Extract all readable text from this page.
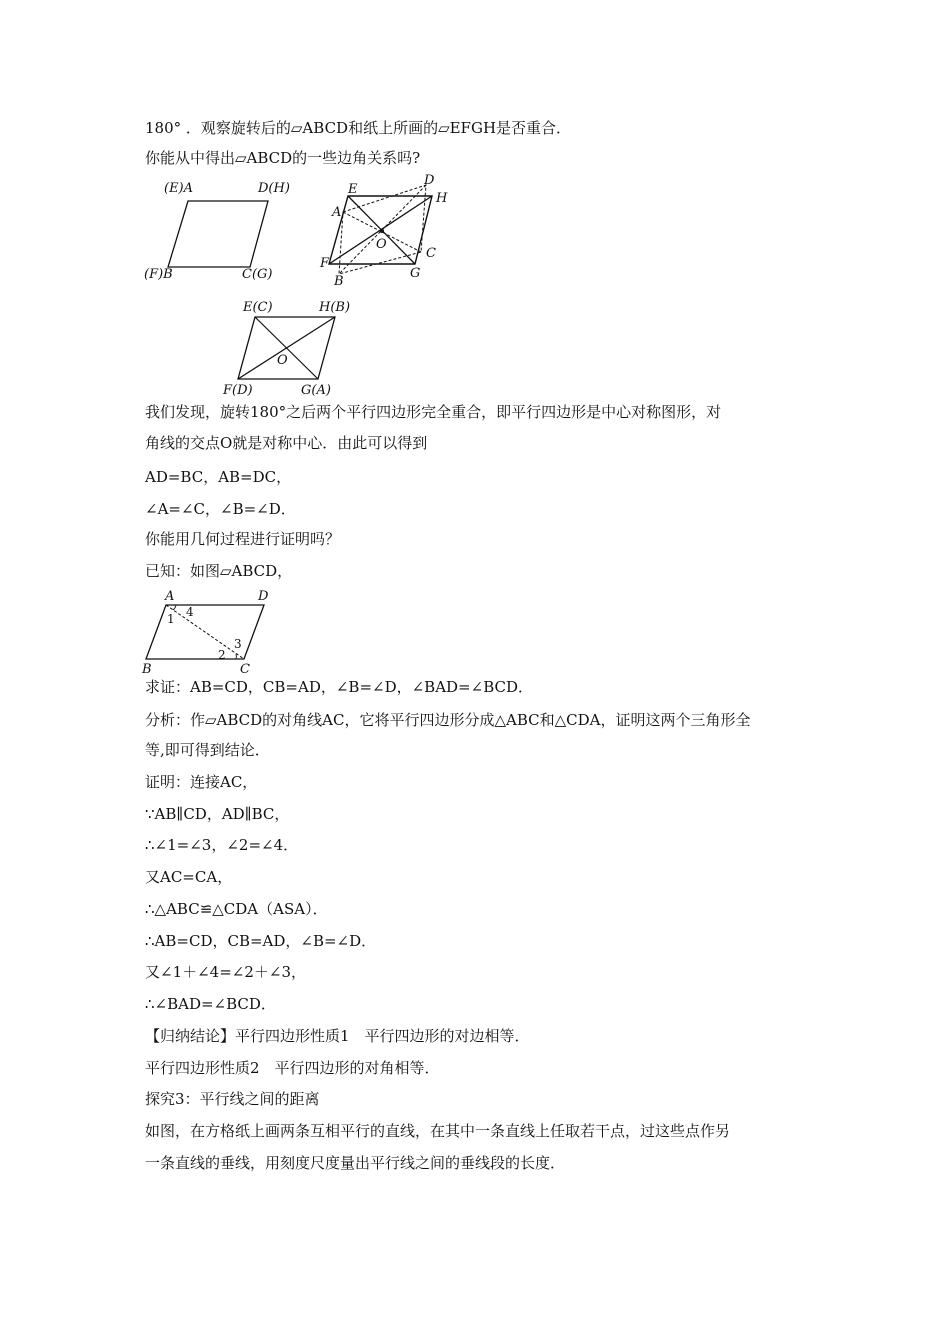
180° ．观察旋转后的▱ABCD和纸上所画的▱EFGH是否重合．
你能从中得出▱ABCD的一些边角关系吗?
(E)A	D(H)
(F)B	C(G)
E
D
H
A
O
C
F
B
G
E(C)	H(B)
O
F(D)	G(A)
我们发现，旋转180°之后两个平行四边形完全重合，即平行四边形是中心对称图形，对
角线的交点O就是对称中心．由此可以得到
AD=BC，AB=DC，
∠A=∠C，∠B=∠D．
你能用几何过程进行证明吗？
已知：如图▱ABCD，
A	D
B	C
1 4
2
3
求证：AB=CD，CB=AD，∠B=∠D，∠BAD=∠BCD．
分析：作▱ABCD的对角线AC，它将平行四边形分成△ABC和△CDA，证明这两个三角形全
等,即可得到结论．
证明：连接AC，
∵AB∥CD，AD∥BC，
∴∠1=∠3，∠2=∠4．
又AC=CA，
∴△ABC≌△CDA（ASA）．
∴AB=CD，CB=AD，∠B=∠D．
又∠1＋∠4=∠2＋∠3，
∴∠BAD=∠BCD．
【归纳结论】平行四边形性质1　平行四边形的对边相等．
平行四边形性质2　平行四边形的对角相等．
探究3：平行线之间的距离
如图，在方格纸上画两条互相平行的直线，在其中一条直线上任取若干点，过这些点作另
一条直线的垂线，用刻度尺度量出平行线之间的垂线段的长度．
